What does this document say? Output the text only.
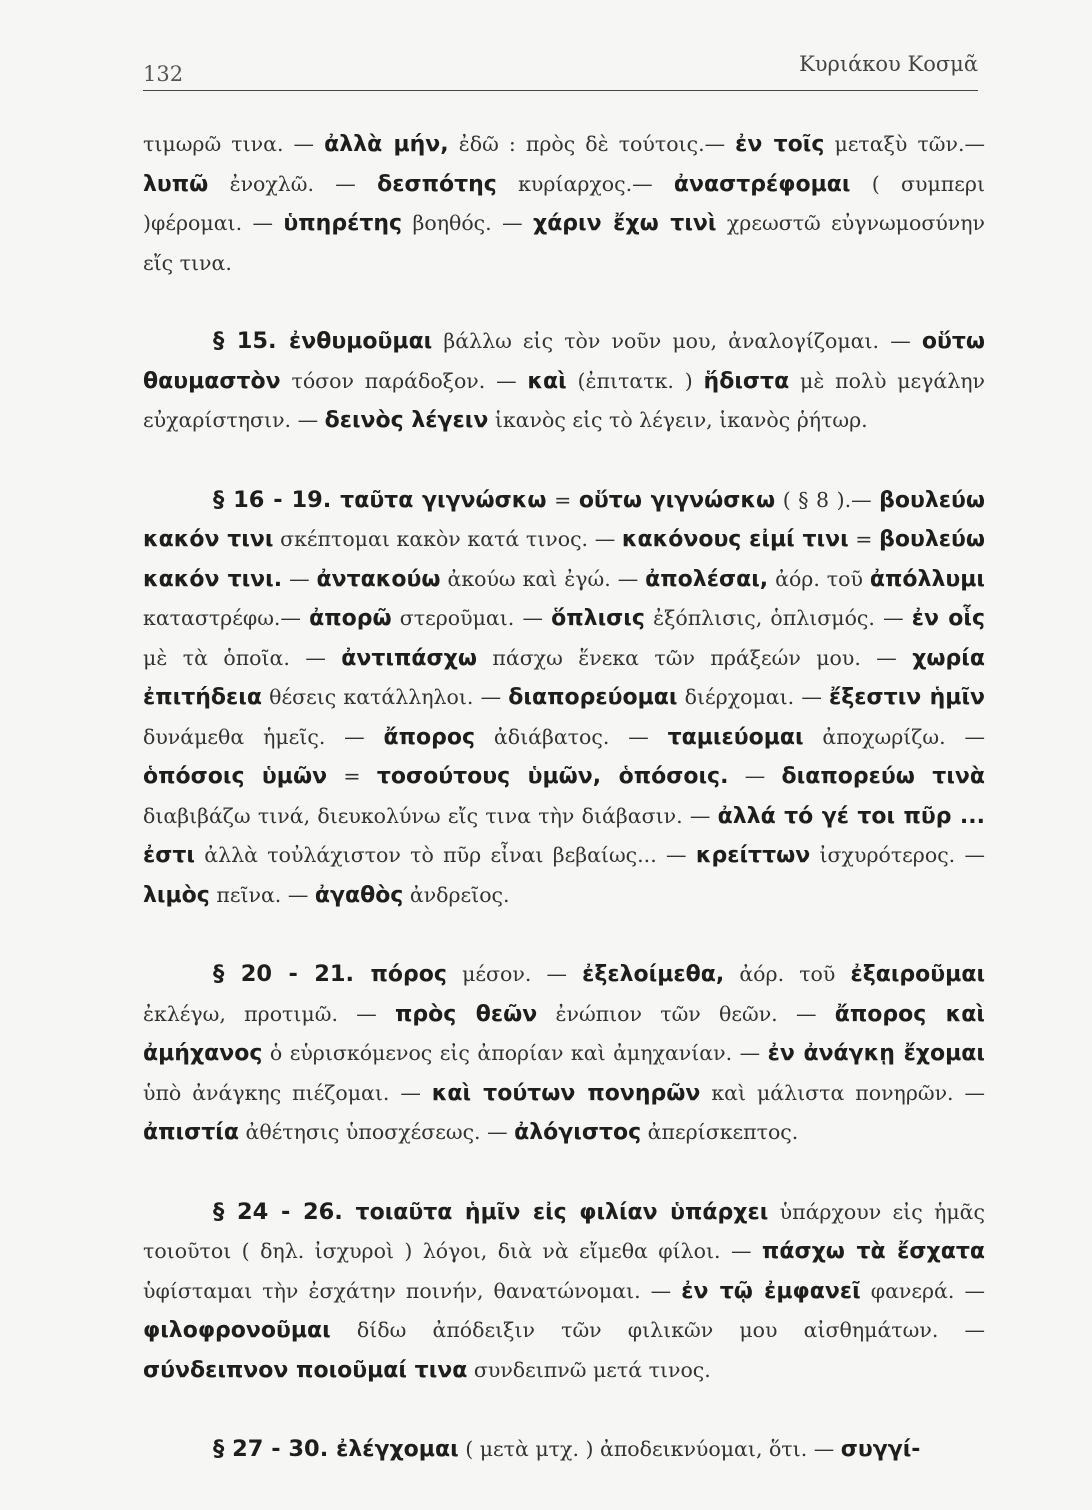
132	Κυριάκου Κοσμᾶ

τιμωρῶ τινα. — ἀλλὰ μήν, ἐδῶ : πρὸς δὲ τούτοις.— ἐν τοῖς μεταξὺ τῶν.— λυπῶ ἐνοχλῶ. — δεσπότης κυρίαρχος.— ἀναστρέφομαι ( συμπερι )φέρομαι. — ὑπηρέτης βοηθός. — χάριν ἔχω τινὶ χρεωστῶ εὐγνωμοσύνην εἴς τινα.

§ 15. ἐνθυμοῦμαι βάλλω εἰς τὸν νοῦν μου, ἀναλογίζομαι. — οὕτω θαυμαστὸν τόσον παράδοξον. — καὶ (ἐπιτατκ. ) ἥδιστα μὲ πολὺ μεγάλην εὐχαρίστησιν. — δεινὸς λέγειν ἱκανὸς εἰς τὸ λέγειν, ἱκανὸς ῥήτωρ.

§ 16 - 19. ταῦτα γιγνώσκω = οὕτω γιγνώσκω ( § 8 ).— βουλεύω κακόν τινι σκέπτομαι κακὸν κατά τινος. — κακόνους εἰμί τινι = βουλεύω κακόν τινι. — ἀντακούω ἀκούω καὶ ἐγώ. — ἀπολέσαι, ἀόρ. τοῦ ἀπόλλυμι καταστρέφω.— ἀπορῶ στεροῦμαι. — ὅπλισις ἐξόπλισις, ὁπλισμός. — ἐν οἷς μὲ τὰ ὁποῖα. — ἀντιπάσχω πάσχω ἕνεκα τῶν πράξεών μου. — χωρία ἐπιτήδεια θέσεις κατάλληλοι. — διαπορεύομαι διέρχομαι. — ἔξεστιν ἡμῖν δυνάμεθα ἡμεῖς. — ἄπορος ἀδιάβατος. — ταμιεύομαι ἀποχωρίζω. — ὁπόσοις ὑμῶν = τοσούτους ὑμῶν, ὁπόσοις. — διαπορεύω τινὰ διαβιβάζω τινά, διευκολύνω εἴς τινα τὴν διάβασιν. — ἀλλά τό γέ τοι πῦρ ... ἐστι ἀλλὰ τοὐλάχιστον τὸ πῦρ εἶναι βεβαίως... — κρείττων ἰσχυρότερος. — λιμὸς πεῖνα. — ἀγαθὸς ἀνδρεῖος.

§ 20 - 21. πόρος μέσον. — ἐξελοίμεθα, ἀόρ. τοῦ ἐξαιροῦμαι ἐκλέγω, προτιμῶ. — πρὸς θεῶν ἐνώπιον τῶν θεῶν. — ἄπορος καὶ ἀμήχανος ὁ εὑρισκόμενος εἰς ἀπορίαν καὶ ἀμηχανίαν. — ἐν ἀνάγκῃ ἔχομαι ὑπὸ ἀνάγκης πιέζομαι. — καὶ τούτων πονηρῶν καὶ μάλιστα πονηρῶν. — ἀπιστία ἀθέτησις ὑποσχέσεως. — ἀλόγιστος ἀπερίσκεπτος.

§ 24 - 26. τοιαῦτα ἡμῖν εἰς φιλίαν ὑπάρχει ὑπάρχουν εἰς ἡμᾶς τοιοῦτοι ( δηλ. ἰσχυροὶ ) λόγοι, διὰ νὰ εἴμεθα φίλοι. — πάσχω τὰ ἔσχατα ὑφίσταμαι τὴν ἐσχάτην ποινήν, θανατώνομαι. — ἐν τῷ ἐμφανεῖ φανερά. — φιλοφρονοῦμαι δίδω ἀπόδειξιν τῶν φιλικῶν μου αἰσθημάτων. — σύνδειπνον ποιοῦμαί τινα συνδειπνῶ μετά τινος.

§ 27 - 30. ἐλέγχομαι ( μετὰ μτχ. ) ἀποδεικνύομαι, ὅτι. — συγγί-
